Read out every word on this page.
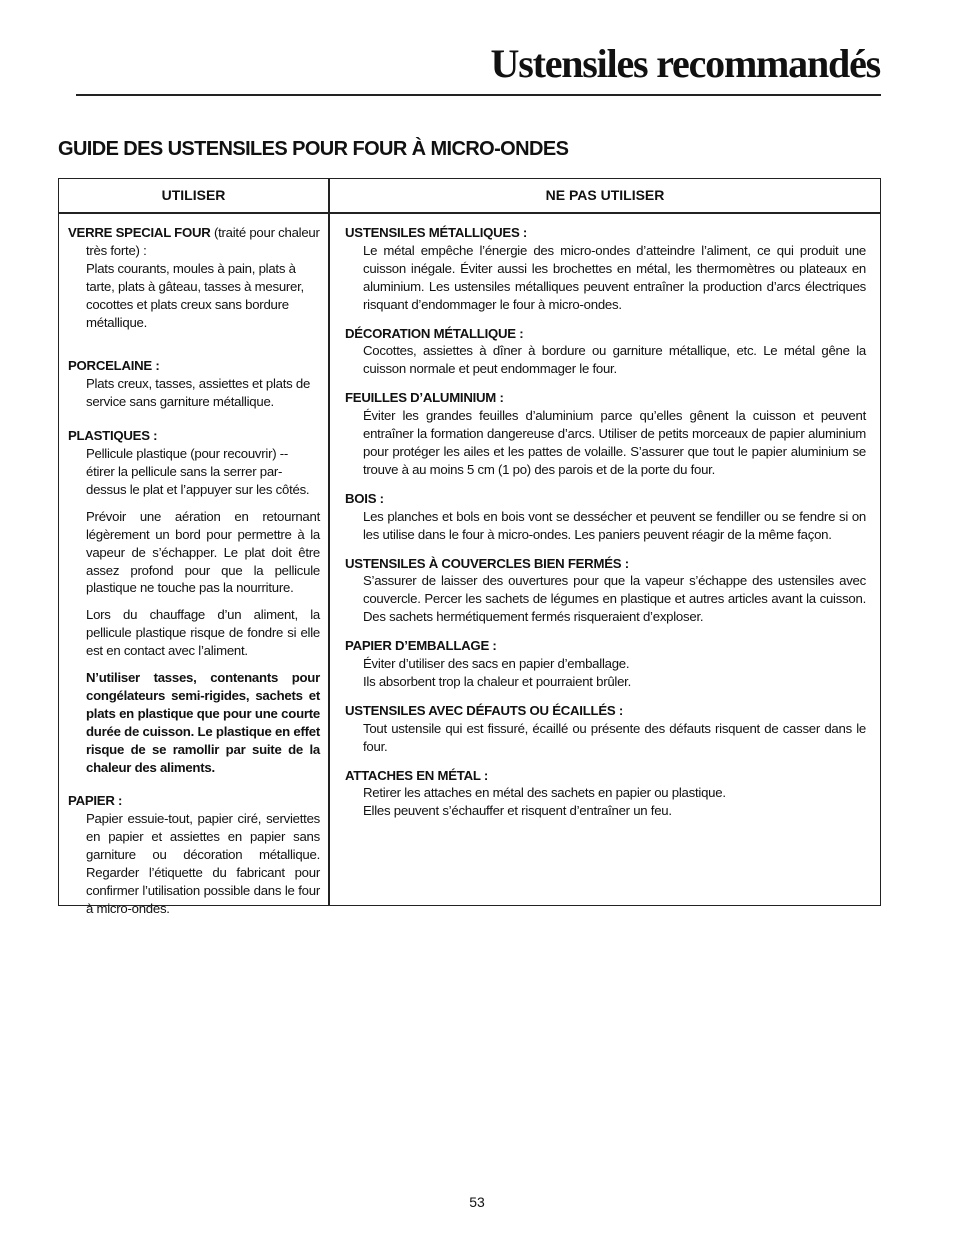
Ustensiles recommandés
GUIDE DES USTENSILES POUR FOUR À MICRO-ONDES
UTILISER	NE PAS UTILISER
VERRE SPECIAL FOUR (traité pour chaleur très forte) :
Plats courants, moules à pain, plats à tarte, plats à gâteau, tasses à mesurer, cocottes et plats creux sans bordure métallique.
PORCELAINE :
Plats creux, tasses, assiettes et plats de service sans garniture métallique.
PLASTIQUES :

Pellicule plastique (pour recouvrir) -- étirer la pellicule sans la serrer par-dessus le plat et l’appuyer sur les côtés.

Prévoir une aération en retournant légèrement un bord pour permettre à la vapeur de s’échapper. Le plat doit être assez profond pour que la pellicule plastique ne touche pas la nourriture.

Lors du chauffage d’un aliment, la pellicule plastique risque de fondre si elle est en contact avec l’aliment.

N’utiliser tasses, contenants pour congélateurs semi-rigides, sachets et plats en plastique que pour une courte durée de cuisson. Le plastique en effet risque de se ramollir par suite de la chaleur des aliments.

PAPIER :
Papier essuie-tout, papier ciré, serviettes en papier et assiettes en papier sans garniture ou décoration métallique. Regarder l’étiquette du fabricant pour confirmer l’utilisation possible dans le four à micro-ondes.
USTENSILES MÉTALLIQUES :
Le métal empêche l’énergie des micro-ondes d’atteindre l’aliment, ce qui produit une cuisson inégale. Éviter aussi les brochettes en métal, les thermomètres ou plateaux en aluminium. Les ustensiles métalliques peuvent entraîner la production d’arcs électriques risquant d’endommager le four à micro-ondes.
DÉCORATION MÉTALLIQUE :
Cocottes, assiettes à dîner à bordure ou garniture métallique, etc. Le métal gêne la cuisson normale et peut endommager le four.
FEUILLES D’ALUMINIUM :
Éviter les grandes feuilles d’aluminium parce qu’elles gênent la cuisson et peuvent entraîner la formation dangereuse d’arcs. Utiliser de petits morceaux de papier aluminium pour protéger les ailes et les pattes de volaille. S’assurer que tout le papier aluminium se trouve à au moins 5 cm (1 po) des parois et de la porte du four.
BOIS :
Les planches et bols en bois vont se dessécher et peuvent se fendiller ou se fendre si on les utilise dans le four à micro-ondes. Les paniers peuvent réagir de la même façon.
USTENSILES À COUVERCLES BIEN FERMÉS :
S’assurer de laisser des ouvertures pour que la vapeur s’échappe des ustensiles avec couvercle. Percer les sachets de légumes en plastique et autres articles avant la cuisson. Des sachets hermétiquement fermés risqueraient d’exploser.
PAPIER D’EMBALLAGE :
Éviter d’utiliser des sacs en papier d’emballage.
Ils absorbent trop la chaleur et pourraient brûler.
USTENSILES AVEC DÉFAUTS OU ÉCAILLÉS :
Tout ustensile qui est fissuré, écaillé ou présente des défauts risquent de casser dans le four.
ATTACHES EN MÉTAL :
Retirer les attaches en métal des sachets en papier ou plastique.
Elles peuvent s’échauffer et risquent d’entraîner un feu.
53
